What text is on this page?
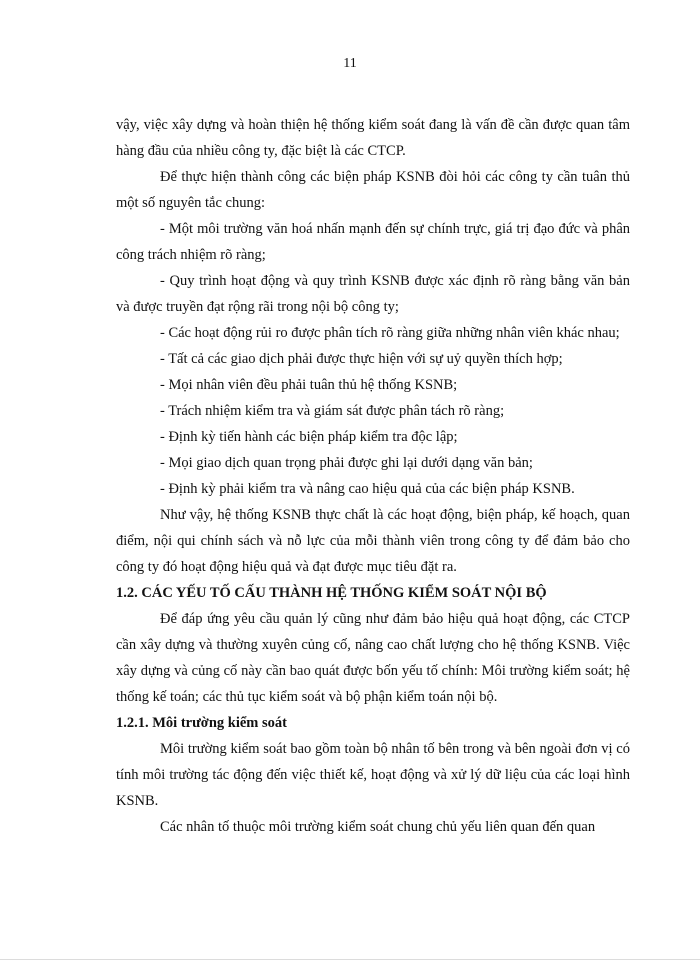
11

vậy, việc xây dựng và hoàn thiện hệ thống kiểm soát đang là vấn đề cần được quan tâm hàng đầu của nhiều công ty, đặc biệt là các CTCP.

Để thực hiện thành công các biện pháp KSNB đòi hỏi các công ty cần tuân thủ một số nguyên tắc chung:

- Một môi trường văn hoá nhấn mạnh đến sự chính trực, giá trị đạo đức và phân công trách nhiệm rõ ràng;

- Quy trình hoạt động và quy trình KSNB được xác định rõ ràng bằng văn bản và được truyền đạt rộng rãi trong nội bộ công ty;

- Các hoạt động rủi ro được phân tích rõ ràng giữa những nhân viên khác nhau;

- Tất cả các giao dịch phải được thực hiện với sự uỷ quyền thích hợp;

- Mọi nhân viên đều phải tuân thủ hệ thống KSNB;

- Trách nhiệm kiểm tra và giám sát được phân tách rõ ràng;

- Định kỳ tiến hành các biện pháp kiểm tra độc lập;

- Mọi giao dịch quan trọng phải được ghi lại dưới dạng văn bản;

- Định kỳ phải kiểm tra và nâng cao hiệu quả của các biện pháp KSNB.

Như vậy, hệ thống KSNB thực chất là các hoạt động, biện pháp, kế hoạch, quan điểm, nội qui chính sách và nỗ lực của mỗi thành viên trong công ty để đảm bảo cho công ty đó hoạt động hiệu quả và đạt được mục tiêu đặt ra.

1.2. CÁC YẾU TỐ CẤU THÀNH HỆ THỐNG KIỂM SOÁT NỘI BỘ

Để đáp ứng yêu cầu quản lý cũng như đảm bảo hiệu quả hoạt động, các CTCP cần xây dựng và thường xuyên củng cố, nâng cao chất lượng cho hệ thống KSNB. Việc xây dựng và củng cố này cần bao quát được bốn yếu tố chính: Môi trường kiểm soát; hệ thống kế toán; các thủ tục kiểm soát và bộ phận kiểm toán nội bộ.

1.2.1. Môi trường kiểm soát

Môi trường kiểm soát bao gồm toàn bộ nhân tố bên trong và bên ngoài đơn vị có tính môi trường tác động đến việc thiết kế, hoạt động và xử lý dữ liệu của các loại hình KSNB.

Các nhân tố thuộc môi trường kiểm soát chung chủ yếu liên quan đến quan
